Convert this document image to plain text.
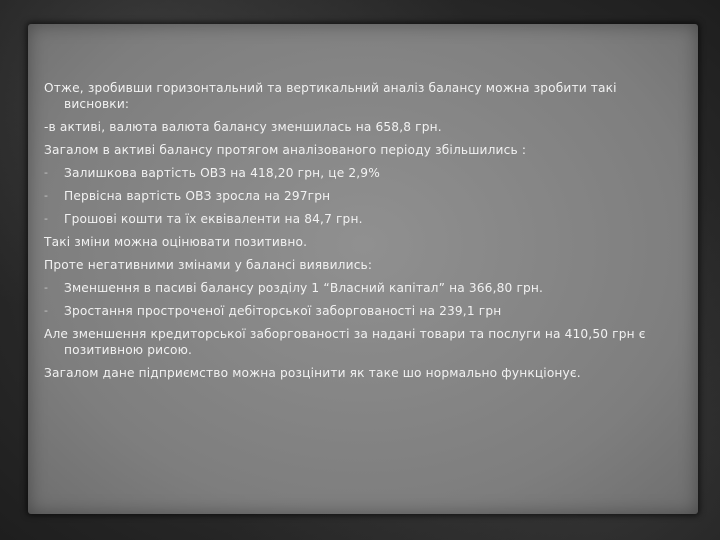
Отже, зробивши горизонтальний та вертикальний аналіз балансу можна зробити такі висновки:

-в активі, валюта валюта балансу зменшилась на 658,8 грн.

Загалом в активі балансу протягом аналізованого періоду збільшились :

- Залишкова вартість ОВЗ на 418,20 грн, це 2,9%
- Первісна вартість ОВЗ зросла на 297грн
- Грошові кошти та їх еквіваленти на 84,7 грн.

Такі зміни можна оцінювати позитивно.

Проте негативними змінами у балансі виявились:

- Зменшення в пасиві балансу розділу 1 “Власний капітал” на 366,80 грн.
- Зростання простроченої дебіторської заборгованості на 239,1 грн

Але зменшення кредиторської заборгованості за надані товари та послуги на 410,50 грн є позитивною рисою.

Загалом дане підприємство можна розцінити як таке шо нормально функціонує.
